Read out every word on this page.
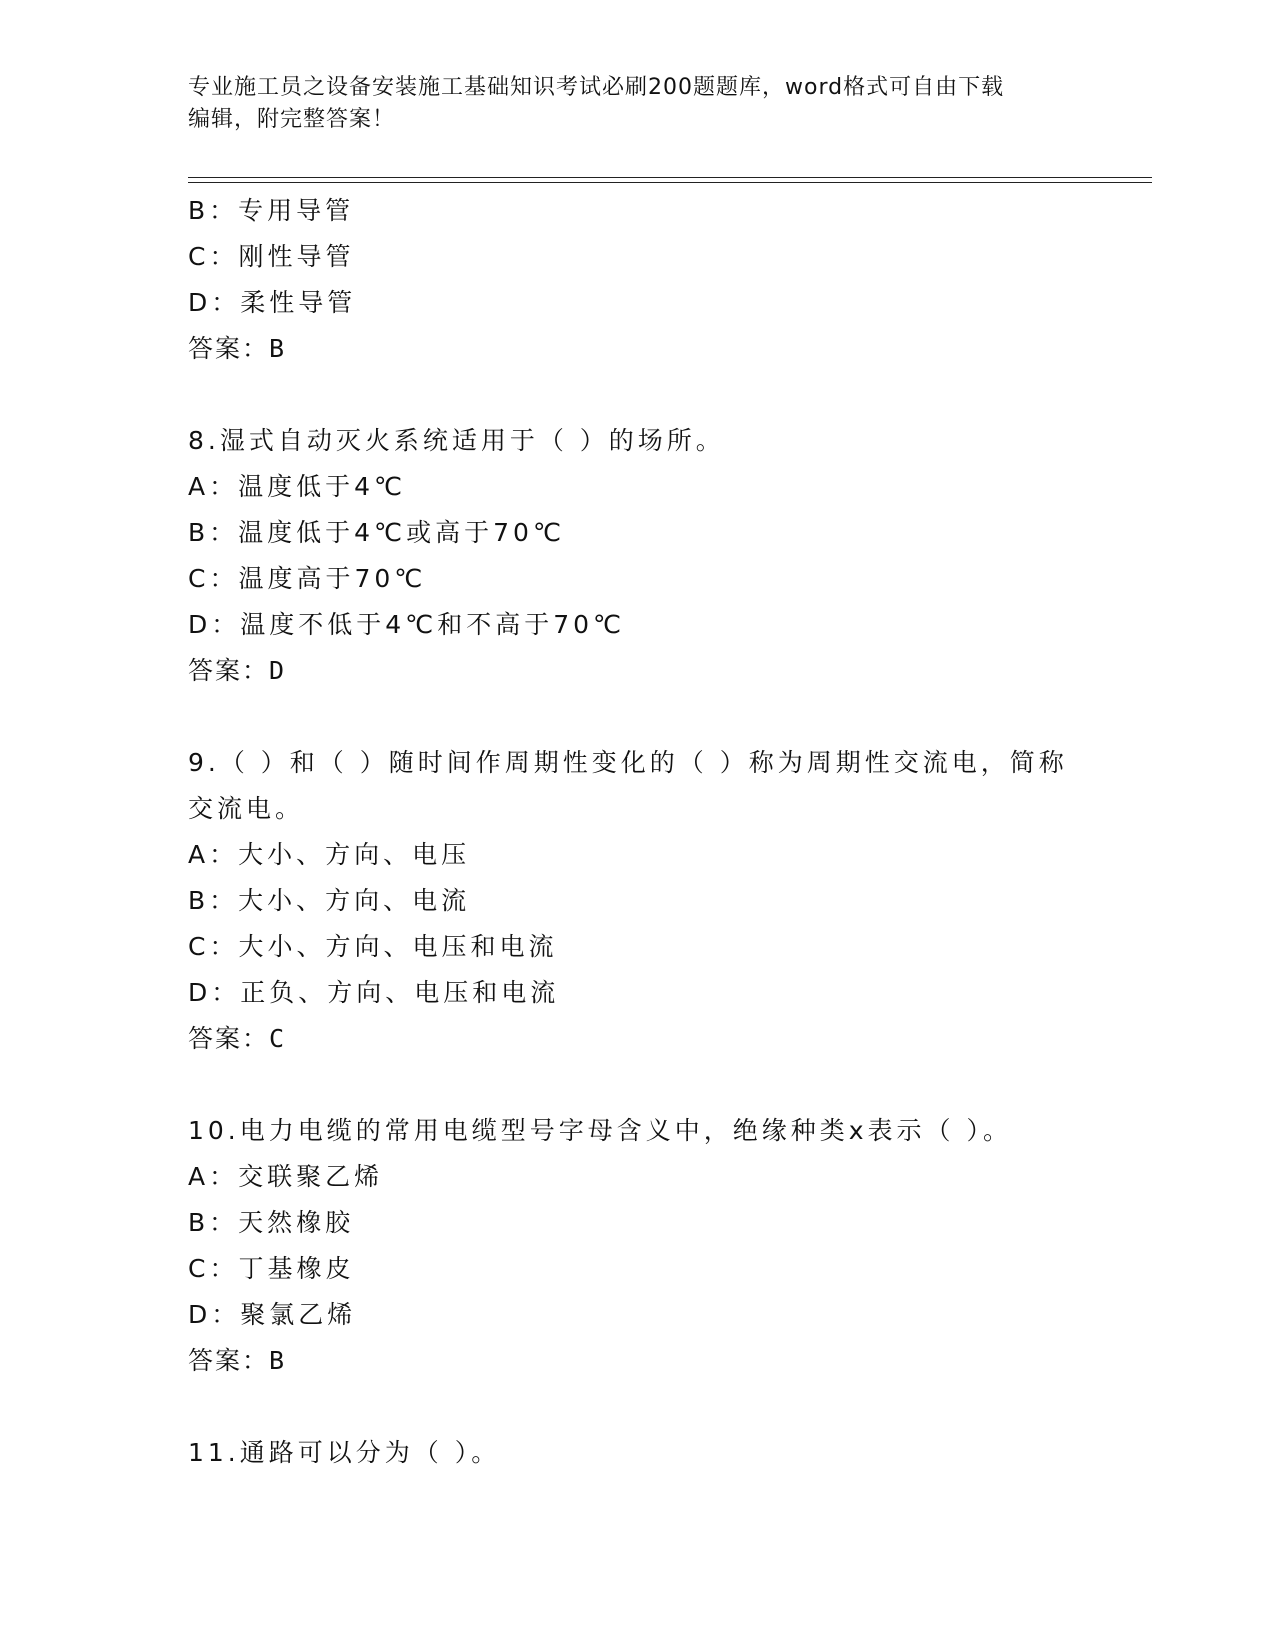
专业施工员之设备安装施工基础知识考试必刷200题题库，word格式可自由下载
编辑，附完整答案！
B：专用导管
C：刚性导管
D：柔性导管
答案：B
8.湿式自动灭火系统适用于（ ）的场所。
A：温度低于4℃
B：温度低于4℃或高于70℃
C：温度高于70℃
D：温度不低于4℃和不高于70℃
答案：D
9.（ ）和（ ）随时间作周期性变化的（ ）称为周期性交流电，简称
交流电。
A：大小、方向、电压
B：大小、方向、电流
C：大小、方向、电压和电流
D：正负、方向、电压和电流
答案：C
10.电力电缆的常用电缆型号字母含义中，绝缘种类x表示（ ）。
A：交联聚乙烯
B：天然橡胶
C：丁基橡皮
D：聚氯乙烯
答案：B
11.通路可以分为（ ）。
